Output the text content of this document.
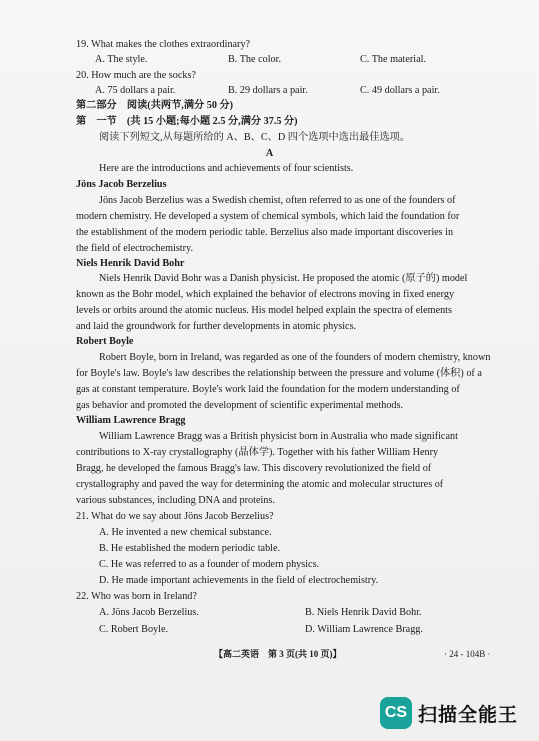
19. What makes the clothes extraordinary?
A. The style.	B. The color.	C. The material.
20. How much are the socks?
A. 75 dollars a pair.	B. 29 dollars a pair.	C. 49 dollars a pair.
第二部分　阅读(共两节,满分 50 分)
第　一节　(共 15 小题;每小题 2.5 分,满分 37.5 分)
阅读下列短文,从每题所给的 A、B、C、D 四个选项中选出最佳选项。
A
Here are the introductions and achievements of four scientists.
Jöns Jacob Berzelius
Jöns Jacob Berzelius was a Swedish chemist, often referred to as one of the founders of
modern chemistry. He developed a system of chemical symbols, which laid the foundation for
the establishment of the modern periodic table. Berzelius also made important discoveries in
the field of electrochemistry.
Niels Henrik David Bohr
Niels Henrik David Bohr was a Danish physicist. He proposed the atomic (原子的) model
known as the Bohr model, which explained the behavior of electrons moving in fixed energy
levels or orbits around the atomic nucleus. His model helped explain the spectra of elements
and laid the groundwork for further developments in atomic physics.
Robert Boyle
Robert Boyle, born in Ireland, was regarded as one of the founders of modern chemistry, known
for Boyle's law. Boyle's law describes the relationship between the pressure and volume (体积) of a
gas at constant temperature. Boyle's work laid the foundation for the modern understanding of
gas behavior and promoted the development of scientific experimental methods.
William Lawrence Bragg
William Lawrence Bragg was a British physicist born in Australia who made significant
contributions to X-ray crystallography (晶体学). Together with his father William Henry
Bragg, he developed the famous Bragg's law. This discovery revolutionized the field of
crystallography and paved the way for determining the atomic and molecular structures of
various substances, including DNA and proteins.
21. What do we say about Jöns Jacob Berzelius?
A. He invented a new chemical substance.
B. He established the modern periodic table.
C. He was referred to as a founder of modern physics.
D. He made important achievements in the field of electrochemistry.
22. Who was born in Ireland?
A. Jöns Jacob Berzelius.	B. Niels Henrik David Bohr.
C. Robert Boyle.	D. William Lawrence Bragg.
【高二英语　第 3 页(共 10 页)】	· 24 - 104B ·
CS 扫描全能王
